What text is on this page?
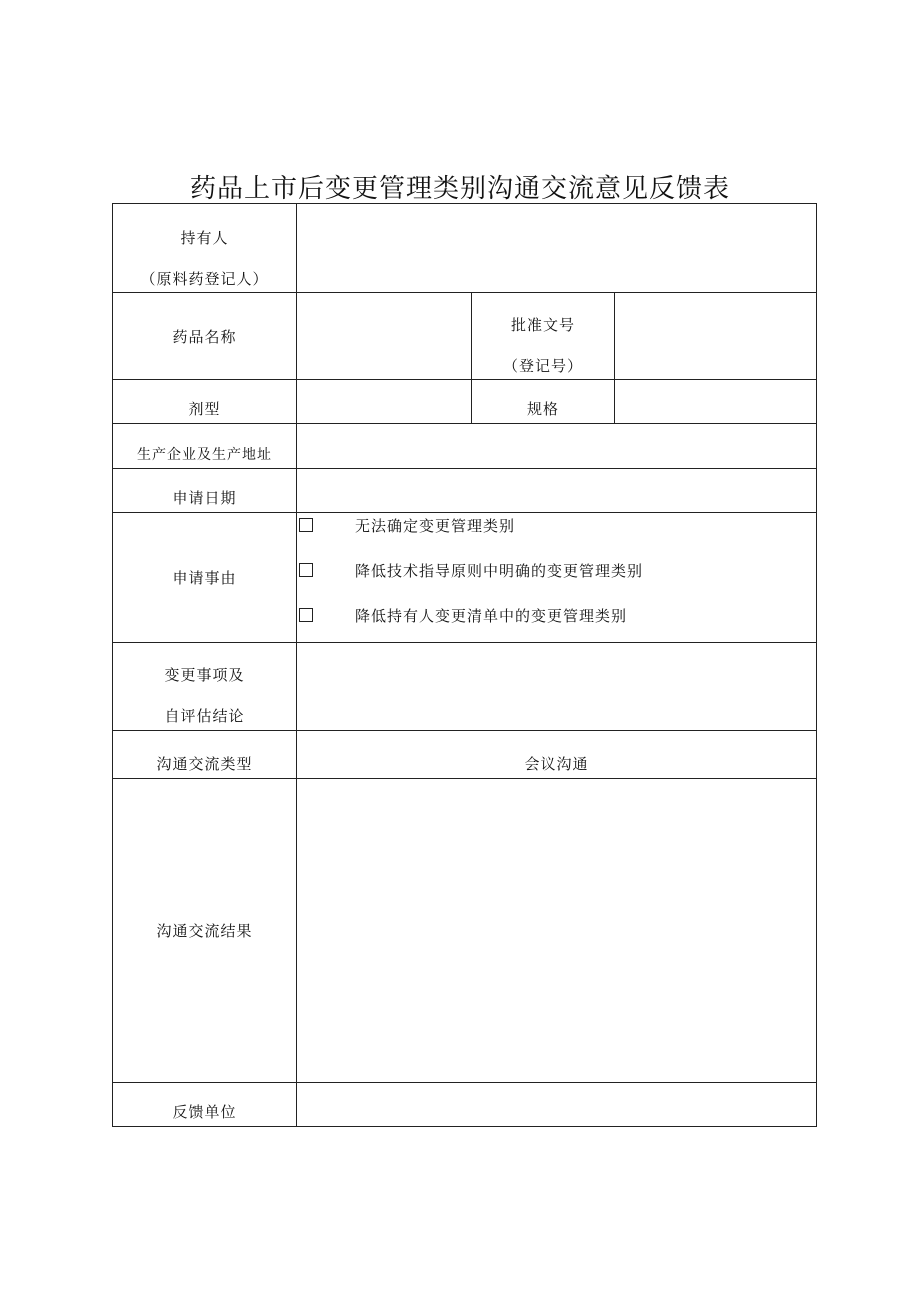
药品上市后变更管理类别沟通交流意见反馈表
持有人
（原料药登记人）			

药品名称		批准文号
（登记号）	

剂型		规格	

生产企业及生产地址			

申请日期			

申请事由	无法确定变更管理类别
降低技术指导原则中明确的变更管理类别
降低持有人变更清单中的变更管理类别		

变更事项及
自评估结论			

沟通交流类型	会议沟通		
沟通交流结果			

反馈单位			
